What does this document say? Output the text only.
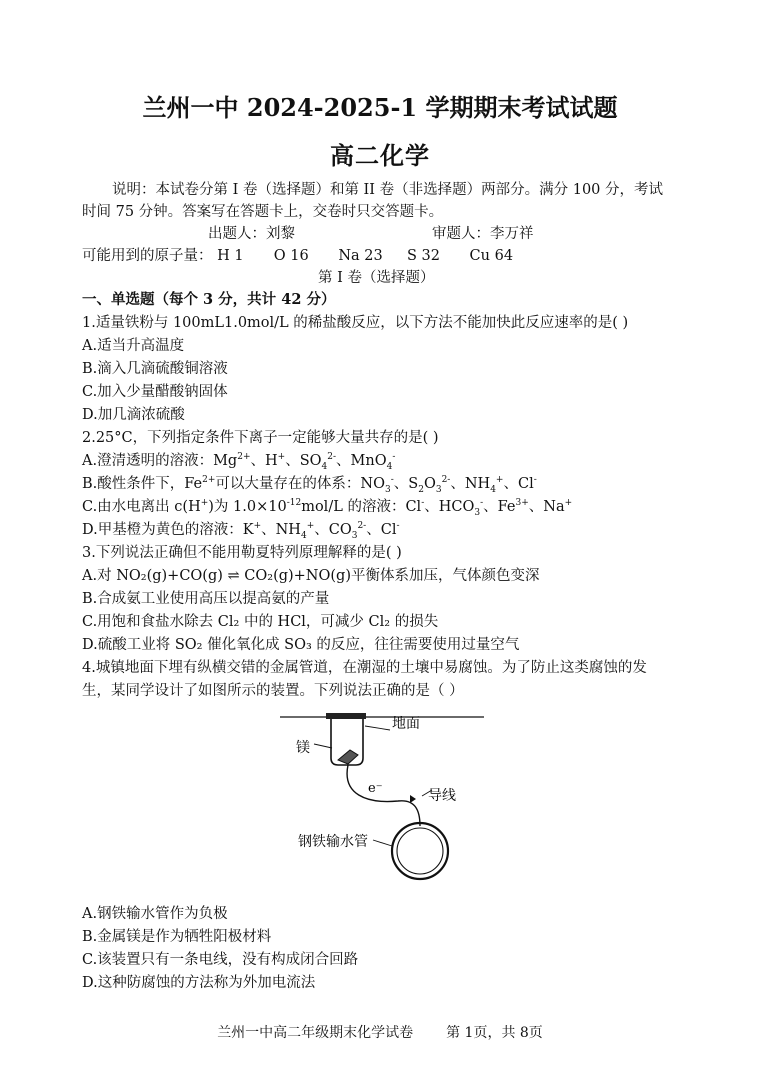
兰州一中 2024-2025-1 学期期末考试试题
高二化学
说明：本试卷分第 I 卷（选择题）和第 II 卷（非选择题）两部分。满分 100 分，考试
时间 75 分钟。答案写在答题卡上，交卷时只交答题卡。
出题人：刘黎	审题人：李万祥
可能用到的原子量： H 1 O 16 Na 23 S 32 Cu 64
第 I 卷（选择题）
一、单选题（每个 3 分，共计 42 分）
1.适量铁粉与 100mL1.0mol/L 的稀盐酸反应，以下方法不能加快此反应速率的是( )
A.适当升高温度
B.滴入几滴硫酸铜溶液
C.加入少量醋酸钠固体
D.加几滴浓硫酸
2.25°C，下列指定条件下离子一定能够大量共存的是( )
A.澄清透明的溶液：$Mg^{2+}$、H+、$SO_4^{2-}$、MnO$_4$-
B.酸性条件下，$Fe^{2+}$可以大量存在的体系：$NO_3^-$、$S_2O_3^{2-}$、$NH_4^+$、Cl-
C.由水电离出 c(H+)为 $1.0\times 10^{-12}mol/L$ 的溶液：Cl-、$HCO_3^-$、$Fe^{3+}$、Na+
D.甲基橙为黄色的溶液：K+、$NH_4^+$、$CO_3^{2-}$、Cl-
3.下列说法正确但不能用勒夏特列原理解释的是( )
A.对 NO₂(g)+CO(g) ⇌ CO₂(g)+NO(g)平衡体系加压，气体颜色变深
B.合成氨工业使用高压以提高氨的产量
C.用饱和食盐水除去 Cl₂ 中的 HCl，可减少 Cl₂ 的损失
D.硫酸工业将 SO₂ 催化氧化成 SO₃ 的反应，往往需要使用过量空气
4.城镇地面下埋有纵横交错的金属管道，在潮湿的土壤中易腐蚀。为了防止这类腐蚀的发
生，某同学设计了如图所示的装置。下列说法正确的是（ ）
地面
镁
e⁻	导线
钢铁输水管
A.钢铁输水管作为负极
B.金属镁是作为牺牲阳极材料
C.该装置只有一条电线，没有构成闭合回路
D.这种防腐蚀的方法称为外加电流法
兰州一中高二年级期末化学试卷 第 1页，共 8页
